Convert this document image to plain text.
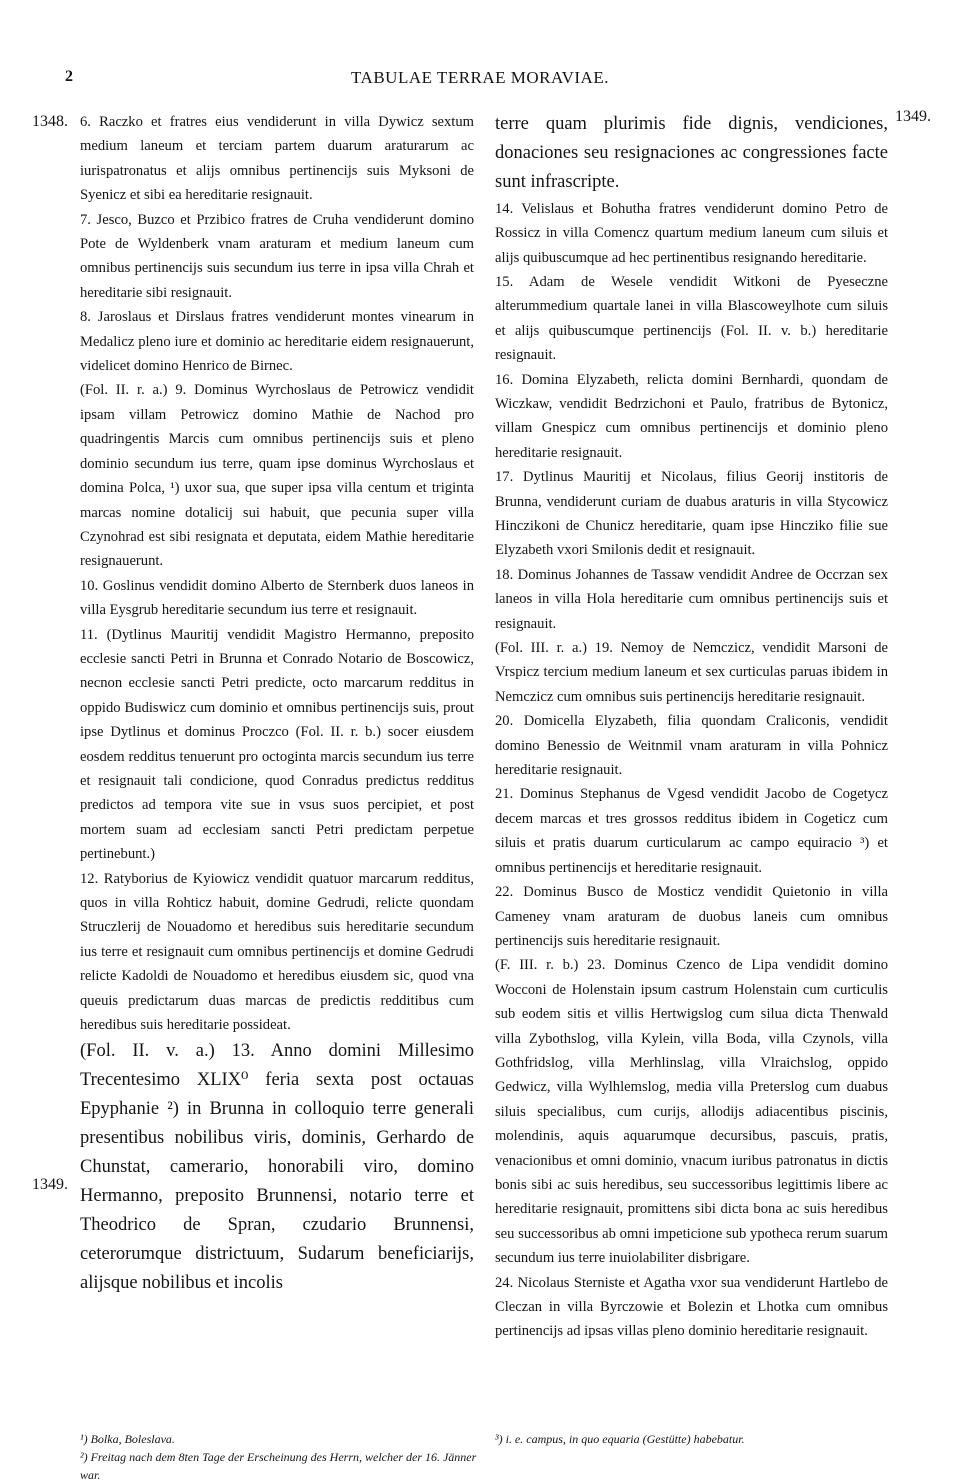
2	TABULAE TERRAE MORAVIAE.
1348.	1349.
1349.

6. Raczko et fratres eius vendiderunt in villa Dywicz sextum medium laneum et terciam partem duarum araturarum ac iurispatronatus et alijs omnibus pertinencijs suis Myksoni de Syenicz et sibi ea hereditarie resignauit.

7. Jesco, Buzco et Przibico fratres de Cruha vendiderunt domino Pote de Wyldenberk vnam araturam et medium laneum cum omnibus pertinencijs suis secundum ius terre in ipsa villa Chrah et hereditarie sibi resignauit.

8. Jaroslaus et Dirslaus fratres vendiderunt montes vinearum in Medalicz pleno iure et dominio ac hereditarie eidem resignauerunt, videlicet domino Henrico de Birnec.

(Fol. II. r. a.) 9. Dominus Wyrchoslaus de Petrowicz vendidit ipsam villam Petrowicz domino Mathie de Nachod pro quadringentis Marcis cum omnibus pertinencijs suis et pleno dominio secundum ius terre, quam ipse dominus Wyrchoslaus et domina Polca, ¹) uxor sua, que super ipsa villa centum et triginta marcas nomine dotalicij sui habuit, que pecunia super villa Czynohrad est sibi resignata et deputata, eidem Mathie hereditarie resignauerunt.

10. Goslinus vendidit domino Alberto de Sternberk duos laneos in villa Eysgrub hereditarie secundum ius terre et resignauit.

11. (Dytlinus Mauritij vendidit Magistro Hermanno, preposito ecclesie sancti Petri in Brunna et Conrado Notario de Boscowicz, necnon ecclesie sancti Petri predicte, octo marcarum redditus in oppido Budiswicz cum dominio et omnibus pertinencijs suis, prout ipse Dytlinus et dominus Proczco (Fol. II. r. b.) socer eiusdem eosdem redditus tenuerunt pro octoginta marcis secundum ius terre et resignauit tali condicione, quod Conradus predictus redditus predictos ad tempora vite sue in vsus suos percipiet, et post mortem suam ad ecclesiam sancti Petri predictam perpetue pertinebunt.)

12. Ratyborius de Kyiowicz vendidit quatuor marcarum redditus, quos in villa Rohticz habuit, domine Gedrudi, relicte quondam Struczlerij de Nouadomo et heredibus suis hereditarie secundum ius terre et resignauit cum omnibus pertinencijs et domine Gedrudi relicte Kadoldi de Nouadomo et heredibus eiusdem sic, quod vna queuis predictarum duas marcas de predictis redditibus cum heredibus suis hereditarie possideat.

(Fol. II. v. a.) 13. Anno domini Millesimo Trecentesimo XLIX⁰ feria sexta post octauas Epyphanie ²) in Brunna in colloquio terre generali presentibus nobilibus viris, dominis, Gerhardo de Chunstat, camerario, honorabili viro, domino Hermanno, preposito Brunnensi, notario terre et Theodrico de Spran, czudario Brunnensi, ceterorumque districtuum, Sudarum beneficiarijs, alijsque nobilibus et incolis

terre quam plurimis fide dignis, vendiciones, donaciones seu resignaciones ac congressiones facte sunt infrascripte.

14. Velislaus et Bohutha fratres vendiderunt domino Petro de Rossicz in villa Comencz quartum medium laneum cum siluis et alijs quibuscumque ad hec pertinentibus resignando hereditarie.

15. Adam de Wesele vendidit Witkoni de Pyeseczne alterummedium quartale lanei in villa Blascoweylhote cum siluis et alijs quibuscumque pertinencijs (Fol. II. v. b.) hereditarie resignauit.

16. Domina Elyzabeth, relicta domini Bernhardi, quondam de Wiczkaw, vendidit Bedrzichoni et Paulo, fratribus de Bytonicz, villam Gnespicz cum omnibus pertinencijs et dominio pleno hereditarie resignauit.

17. Dytlinus Mauritij et Nicolaus, filius Georij institoris de Brunna, vendiderunt curiam de duabus araturis in villa Stycowicz Hinczikoni de Chunicz hereditarie, quam ipse Hincziko filie sue Elyzabeth vxori Smilonis dedit et resignauit.

18. Dominus Johannes de Tassaw vendidit Andree de Occrzan sex laneos in villa Hola hereditarie cum omnibus pertinencijs suis et resignauit.

(Fol. III. r. a.) 19. Nemoy de Nemczicz, vendidit Marsoni de Vrspicz tercium medium laneum et sex curticulas paruas ibidem in Nemczicz cum omnibus suis pertinencijs hereditarie resignauit.

20. Domicella Elyzabeth, filia quondam Craliconis, vendidit domino Benessio de Weitnmil vnam araturam in villa Pohnicz hereditarie resignauit.

21. Dominus Stephanus de Vgesd vendidit Jacobo de Cogetycz decem marcas et tres grossos redditus ibidem in Cogeticz cum siluis et pratis duarum curticularum ac campo equiracio ³) et omnibus pertinencijs et hereditarie resignauit.

22. Dominus Busco de Mosticz vendidit Quietonio in villa Cameney vnam araturam de duobus laneis cum omnibus pertinencijs suis hereditarie resignauit.

(F. III. r. b.) 23. Dominus Czenco de Lipa vendidit domino Wocconi de Holenstain ipsum castrum Holenstain cum curticulis sub eodem sitis et villis Hertwigslog cum silua dicta Thenwald villa Zybothslog, villa Kylein, villa Boda, villa Czynols, villa Gothfridslog, villa Merhlinslag, villa Vlraichslog, oppido Gedwicz, villa Wylhlemslog, media villa Preterslog cum duabus siluis specialibus, cum curijs, allodijs adiacentibus piscinis, molendinis, aquis aquarumque decursibus, pascuis, pratis, venacionibus et omni dominio, vnacum iuribus patronatus in dictis bonis sibi ac suis heredibus, seu successoribus legittimis libere ac hereditarie resignauit, promittens sibi dicta bona ac suis heredibus seu successoribus ab omni impeticione sub ypotheca rerum suarum secundum ius terre inuiolabiliter disbrigare.

24. Nicolaus Sterniste et Agatha vxor sua vendiderunt Hartlebo de Cleczan in villa Byrczowie et Bolezin et Lhotka cum omnibus pertinencijs ad ipsas villas pleno dominio hereditarie resignauit.

¹) Bolka, Boleslava.
²) Freitag nach dem 8ten Tage der Erscheinung des Herrn, welcher der 16. Jänner war.
³) i. e. campus, in quo equaria (Gestütte) habebatur.
